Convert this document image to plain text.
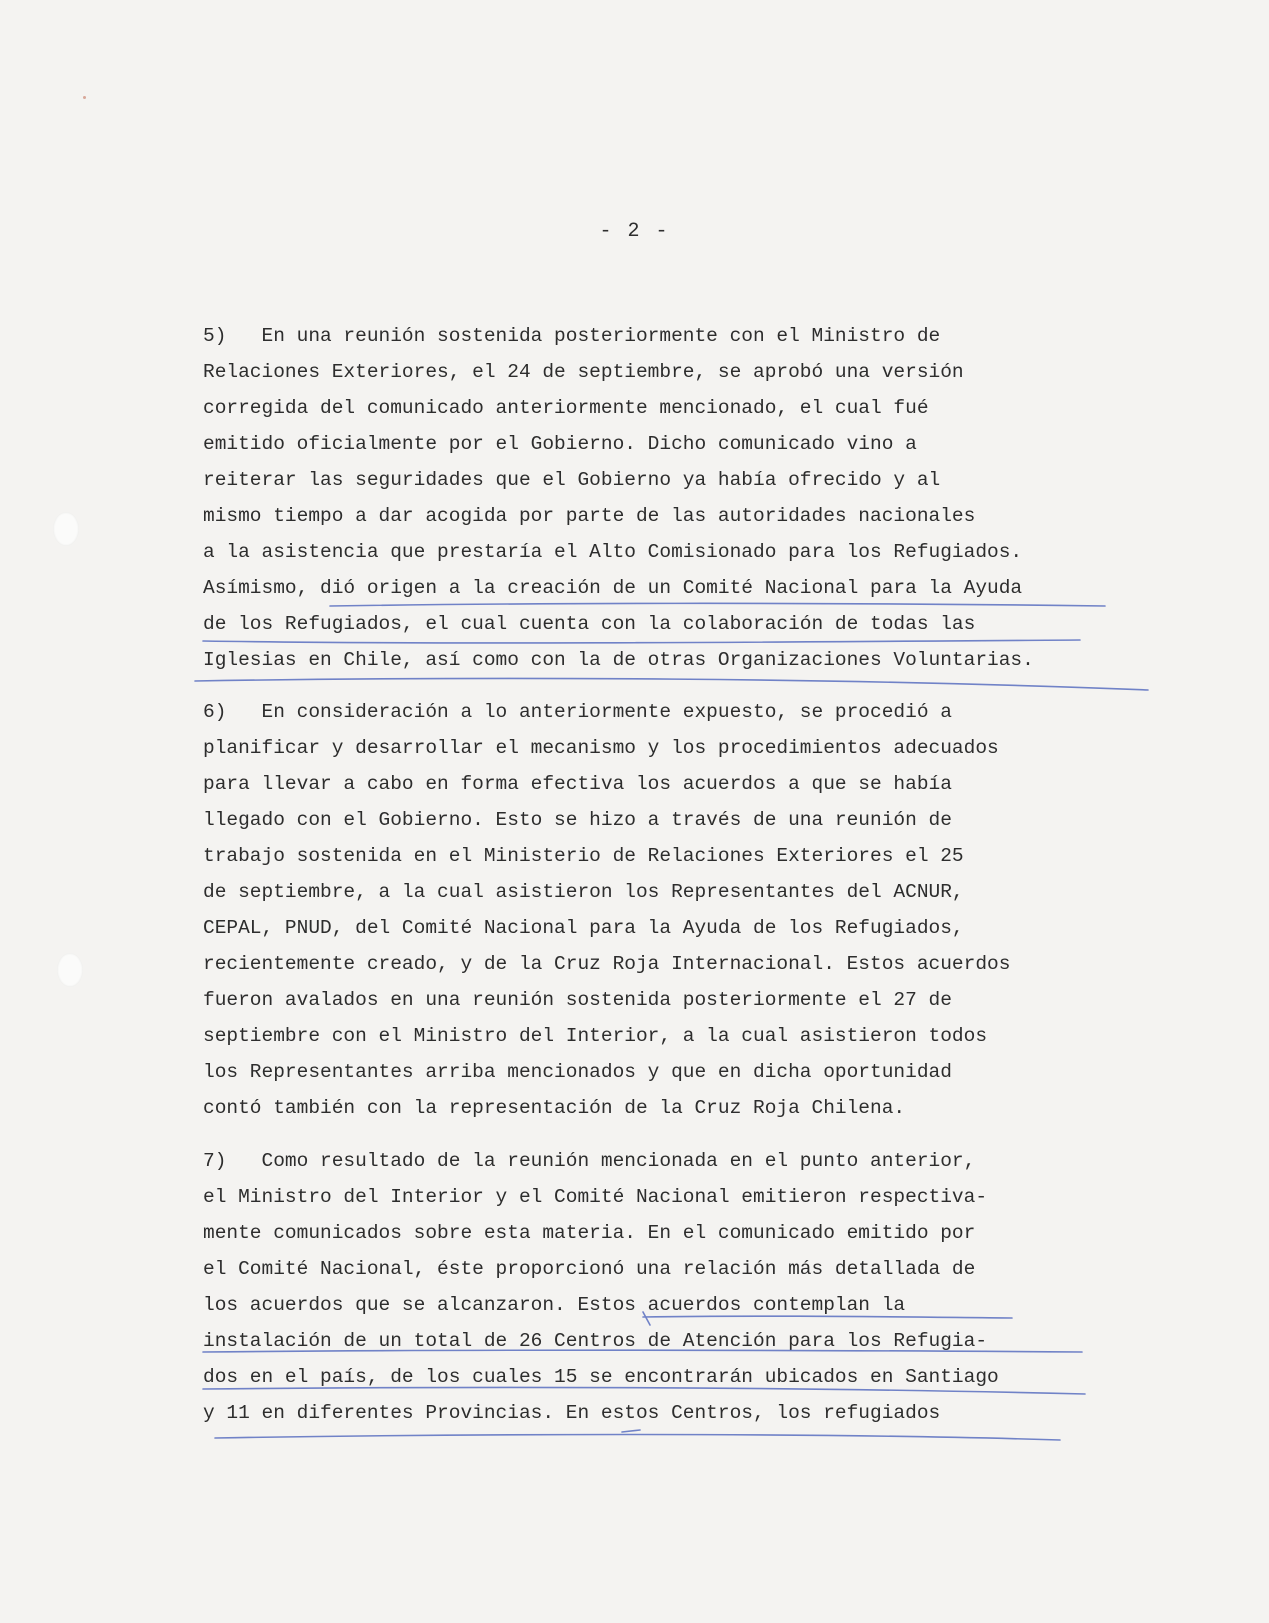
- 2 -
5)   En una reunión sostenida posteriormente con el Ministro de
Relaciones Exteriores, el 24 de septiembre, se aprobó una versión
corregida del comunicado anteriormente mencionado, el cual fué
emitido oficialmente por el Gobierno. Dicho comunicado vino a
reiterar las seguridades que el Gobierno ya había ofrecido y al
mismo tiempo a dar acogida por parte de las autoridades nacionales
a la asistencia que prestaría el Alto Comisionado para los Refugiados.
Asímismo, dió origen a la creación de un Comité Nacional para la Ayuda
de los Refugiados, el cual cuenta con la colaboración de todas las
Iglesias en Chile, así como con la de otras Organizaciones Voluntarias.
6)   En consideración a lo anteriormente expuesto, se procedió a
planificar y desarrollar el mecanismo y los procedimientos adecuados
para llevar a cabo en forma efectiva los acuerdos a que se había
llegado con el Gobierno. Esto se hizo a través de una reunión de
trabajo sostenida en el Ministerio de Relaciones Exteriores el 25
de septiembre, a la cual asistieron los Representantes del ACNUR,
CEPAL, PNUD, del Comité Nacional para la Ayuda de los Refugiados,
recientemente creado, y de la Cruz Roja Internacional. Estos acuerdos
fueron avalados en una reunión sostenida posteriormente el 27 de
septiembre con el Ministro del Interior, a la cual asistieron todos
los Representantes arriba mencionados y que en dicha oportunidad
contó también con la representación de la Cruz Roja Chilena.
7)   Como resultado de la reunión mencionada en el punto anterior,
el Ministro del Interior y el Comité Nacional emitieron respectiva-
mente comunicados sobre esta materia. En el comunicado emitido por
el Comité Nacional, éste proporcionó una relación más detallada de
los acuerdos que se alcanzaron. Estos acuerdos contemplan la
instalación de un total de 26 Centros de Atención para los Refugia-
dos en el país, de los cuales 15 se encontrarán ubicados en Santiago
y 11 en diferentes Provincias. En estos Centros, los refugiados
